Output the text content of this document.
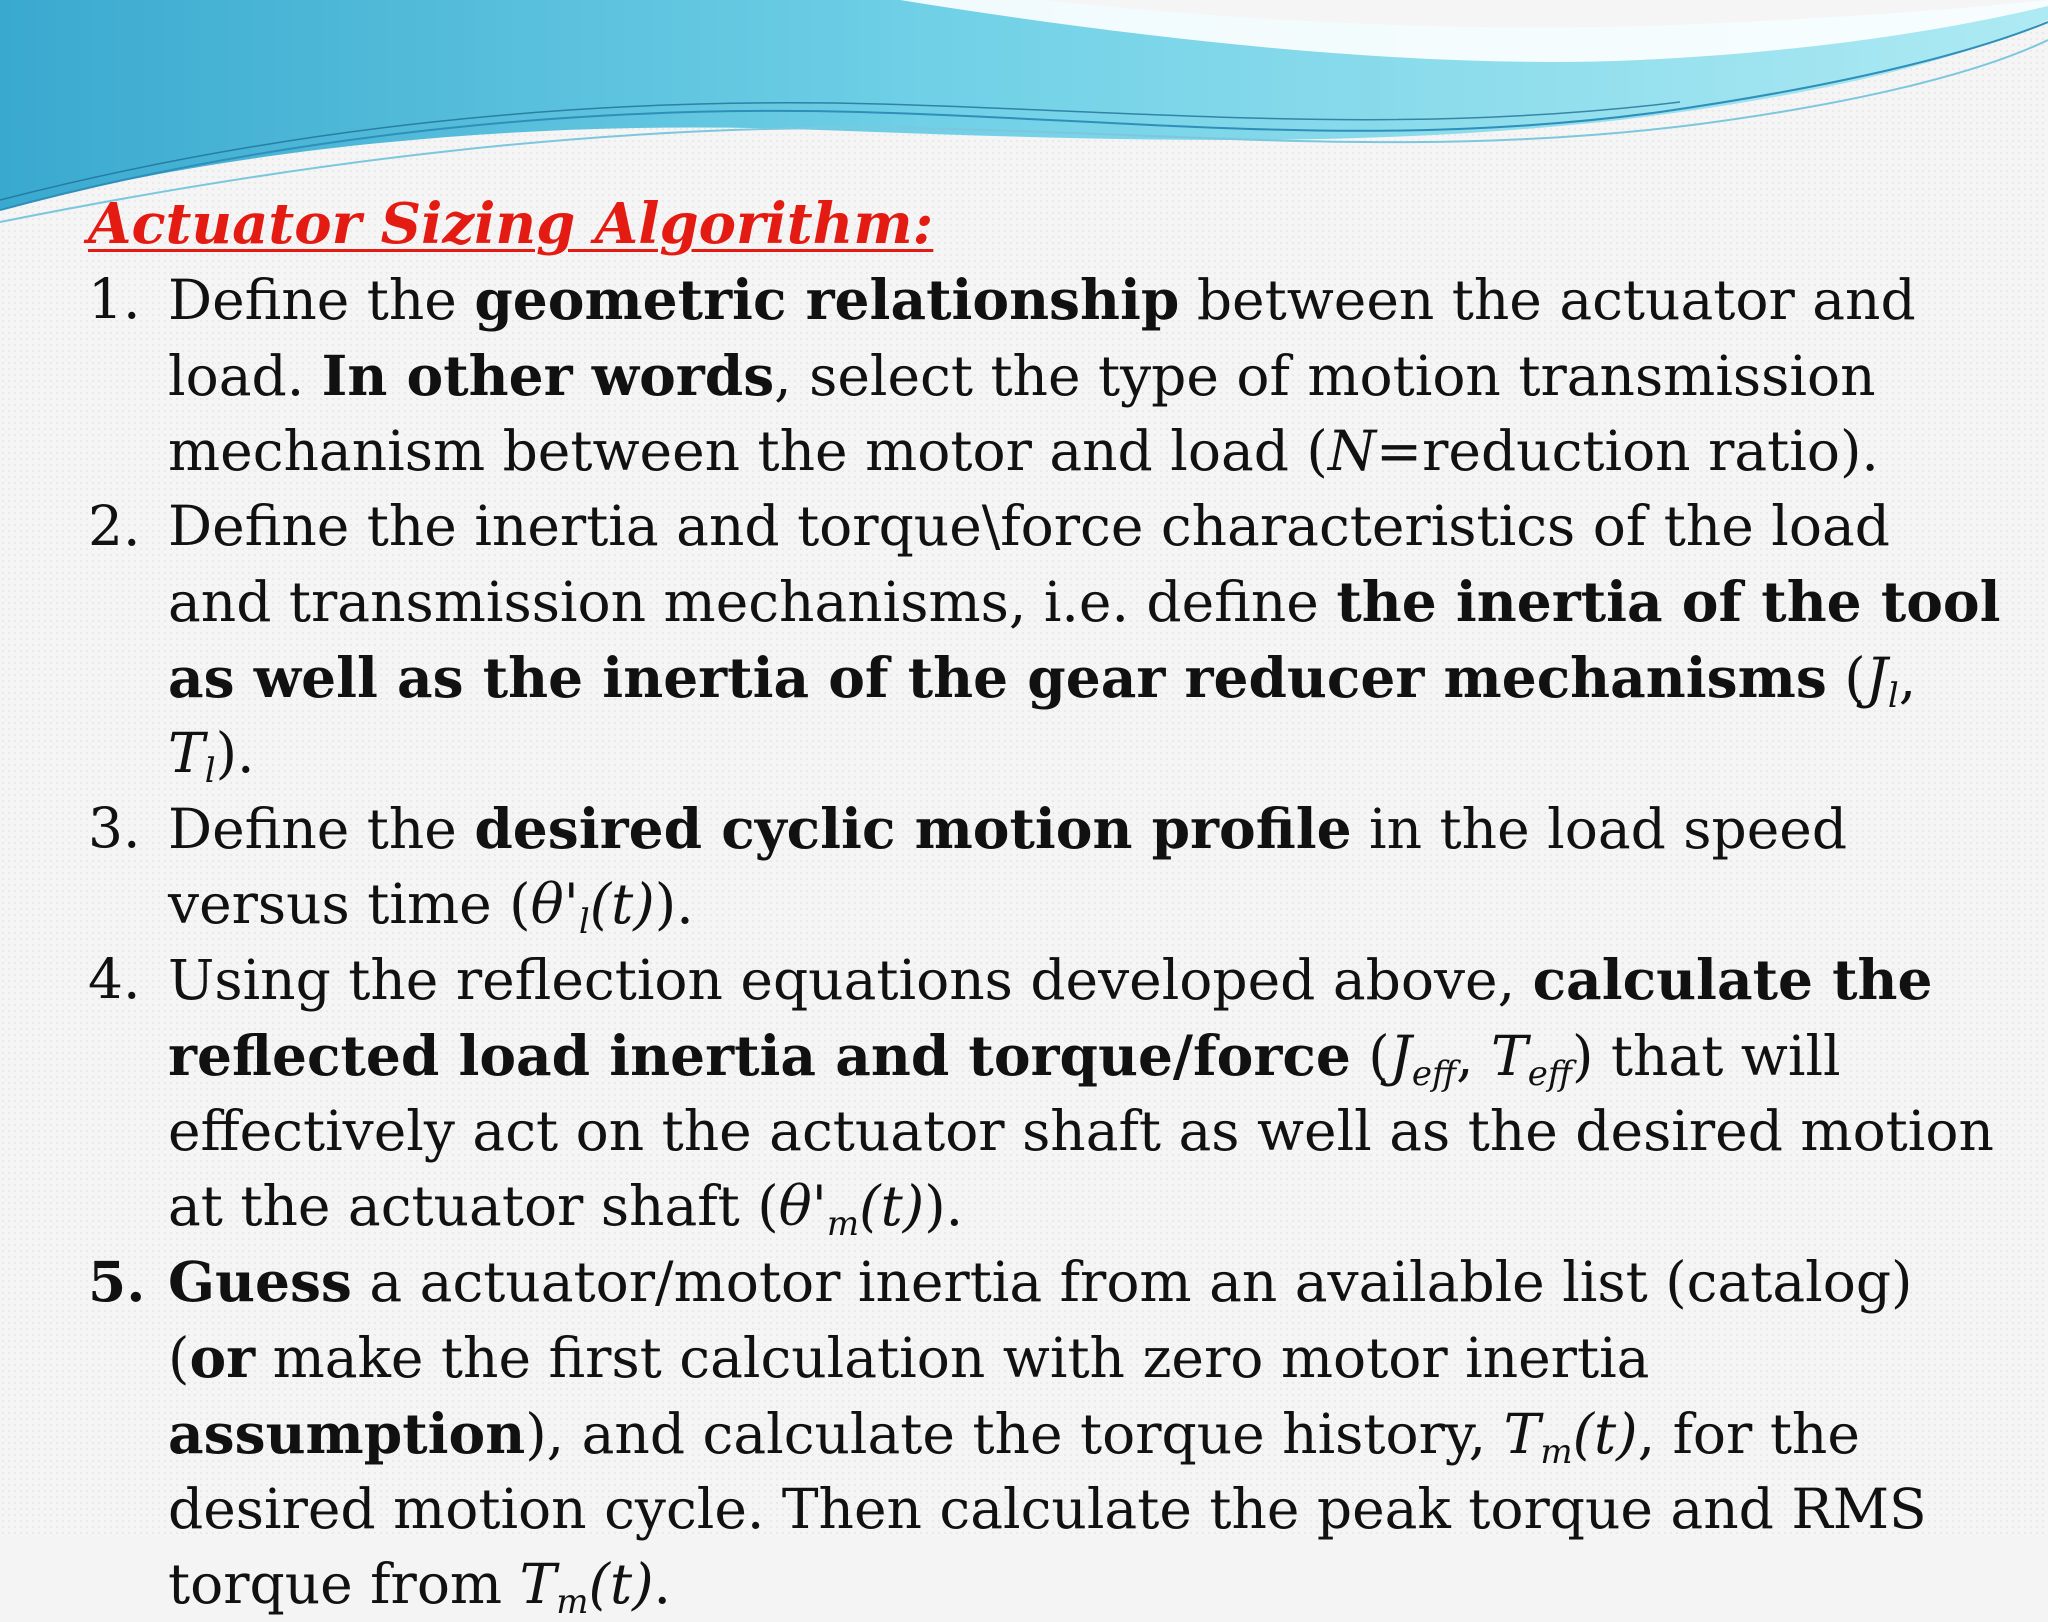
Actuator Sizing Algorithm:
1. Define the geometric relationship between the actuator and load. In other words, select the type of motion transmission mechanism between the motor and load (N=reduction ratio).
2. Define the inertia and torque\force characteristics of the load and transmission mechanisms, i.e. define the inertia of the tool as well as the inertia of the gear reducer mechanisms ($J_l$, $T_l$).
3. Define the desired cyclic motion profile in the load speed versus time $(\theta'_l(t))$.
4. Using the reflection equations developed above, calculate the reflected load inertia and torque/force ($J_{eff}$, $T_{eff}$) that will effectively act on the actuator shaft as well as the desired motion at the actuator shaft $(\theta'_m(t))$.
5. Guess a actuator/motor inertia from an available list (catalog) (or make the first calculation with zero motor inertia assumption), and calculate the torque history, $T_m(t)$, for the desired motion cycle. Then calculate the peak torque and RMS torque from $T_m(t)$.
